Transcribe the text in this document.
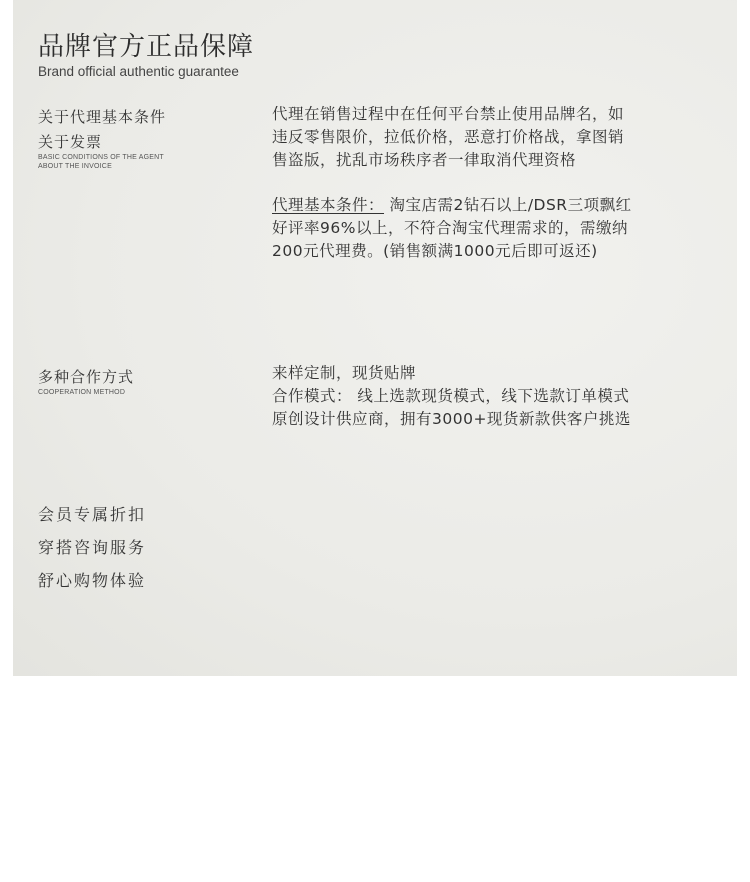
品牌官方正品保障
Brand official authentic guarantee
关于代理基本条件
关于发票
BASIC CONDITIONS OF THE AGENT
ABOUT THE INVOICE
代理在销售过程中在任何平台禁止使用品牌名，如
违反零售限价，拉低价格，恶意打价格战，拿图销
售盗版，扰乱市场秩序者一律取消代理资格
代理基本条件： 淘宝店需2钻石以上/DSR三项飘红
好评率96%以上，不符合淘宝代理需求的，需缴纳
200元代理费。(销售额满1000元后即可返还)
多种合作方式
COOPERATION METHOD
来样定制，现货贴牌
合作模式： 线上选款现货模式，线下选款订单模式
原创设计供应商，拥有3000+现货新款供客户挑选
会员专属折扣
穿搭咨询服务
舒心购物体验
